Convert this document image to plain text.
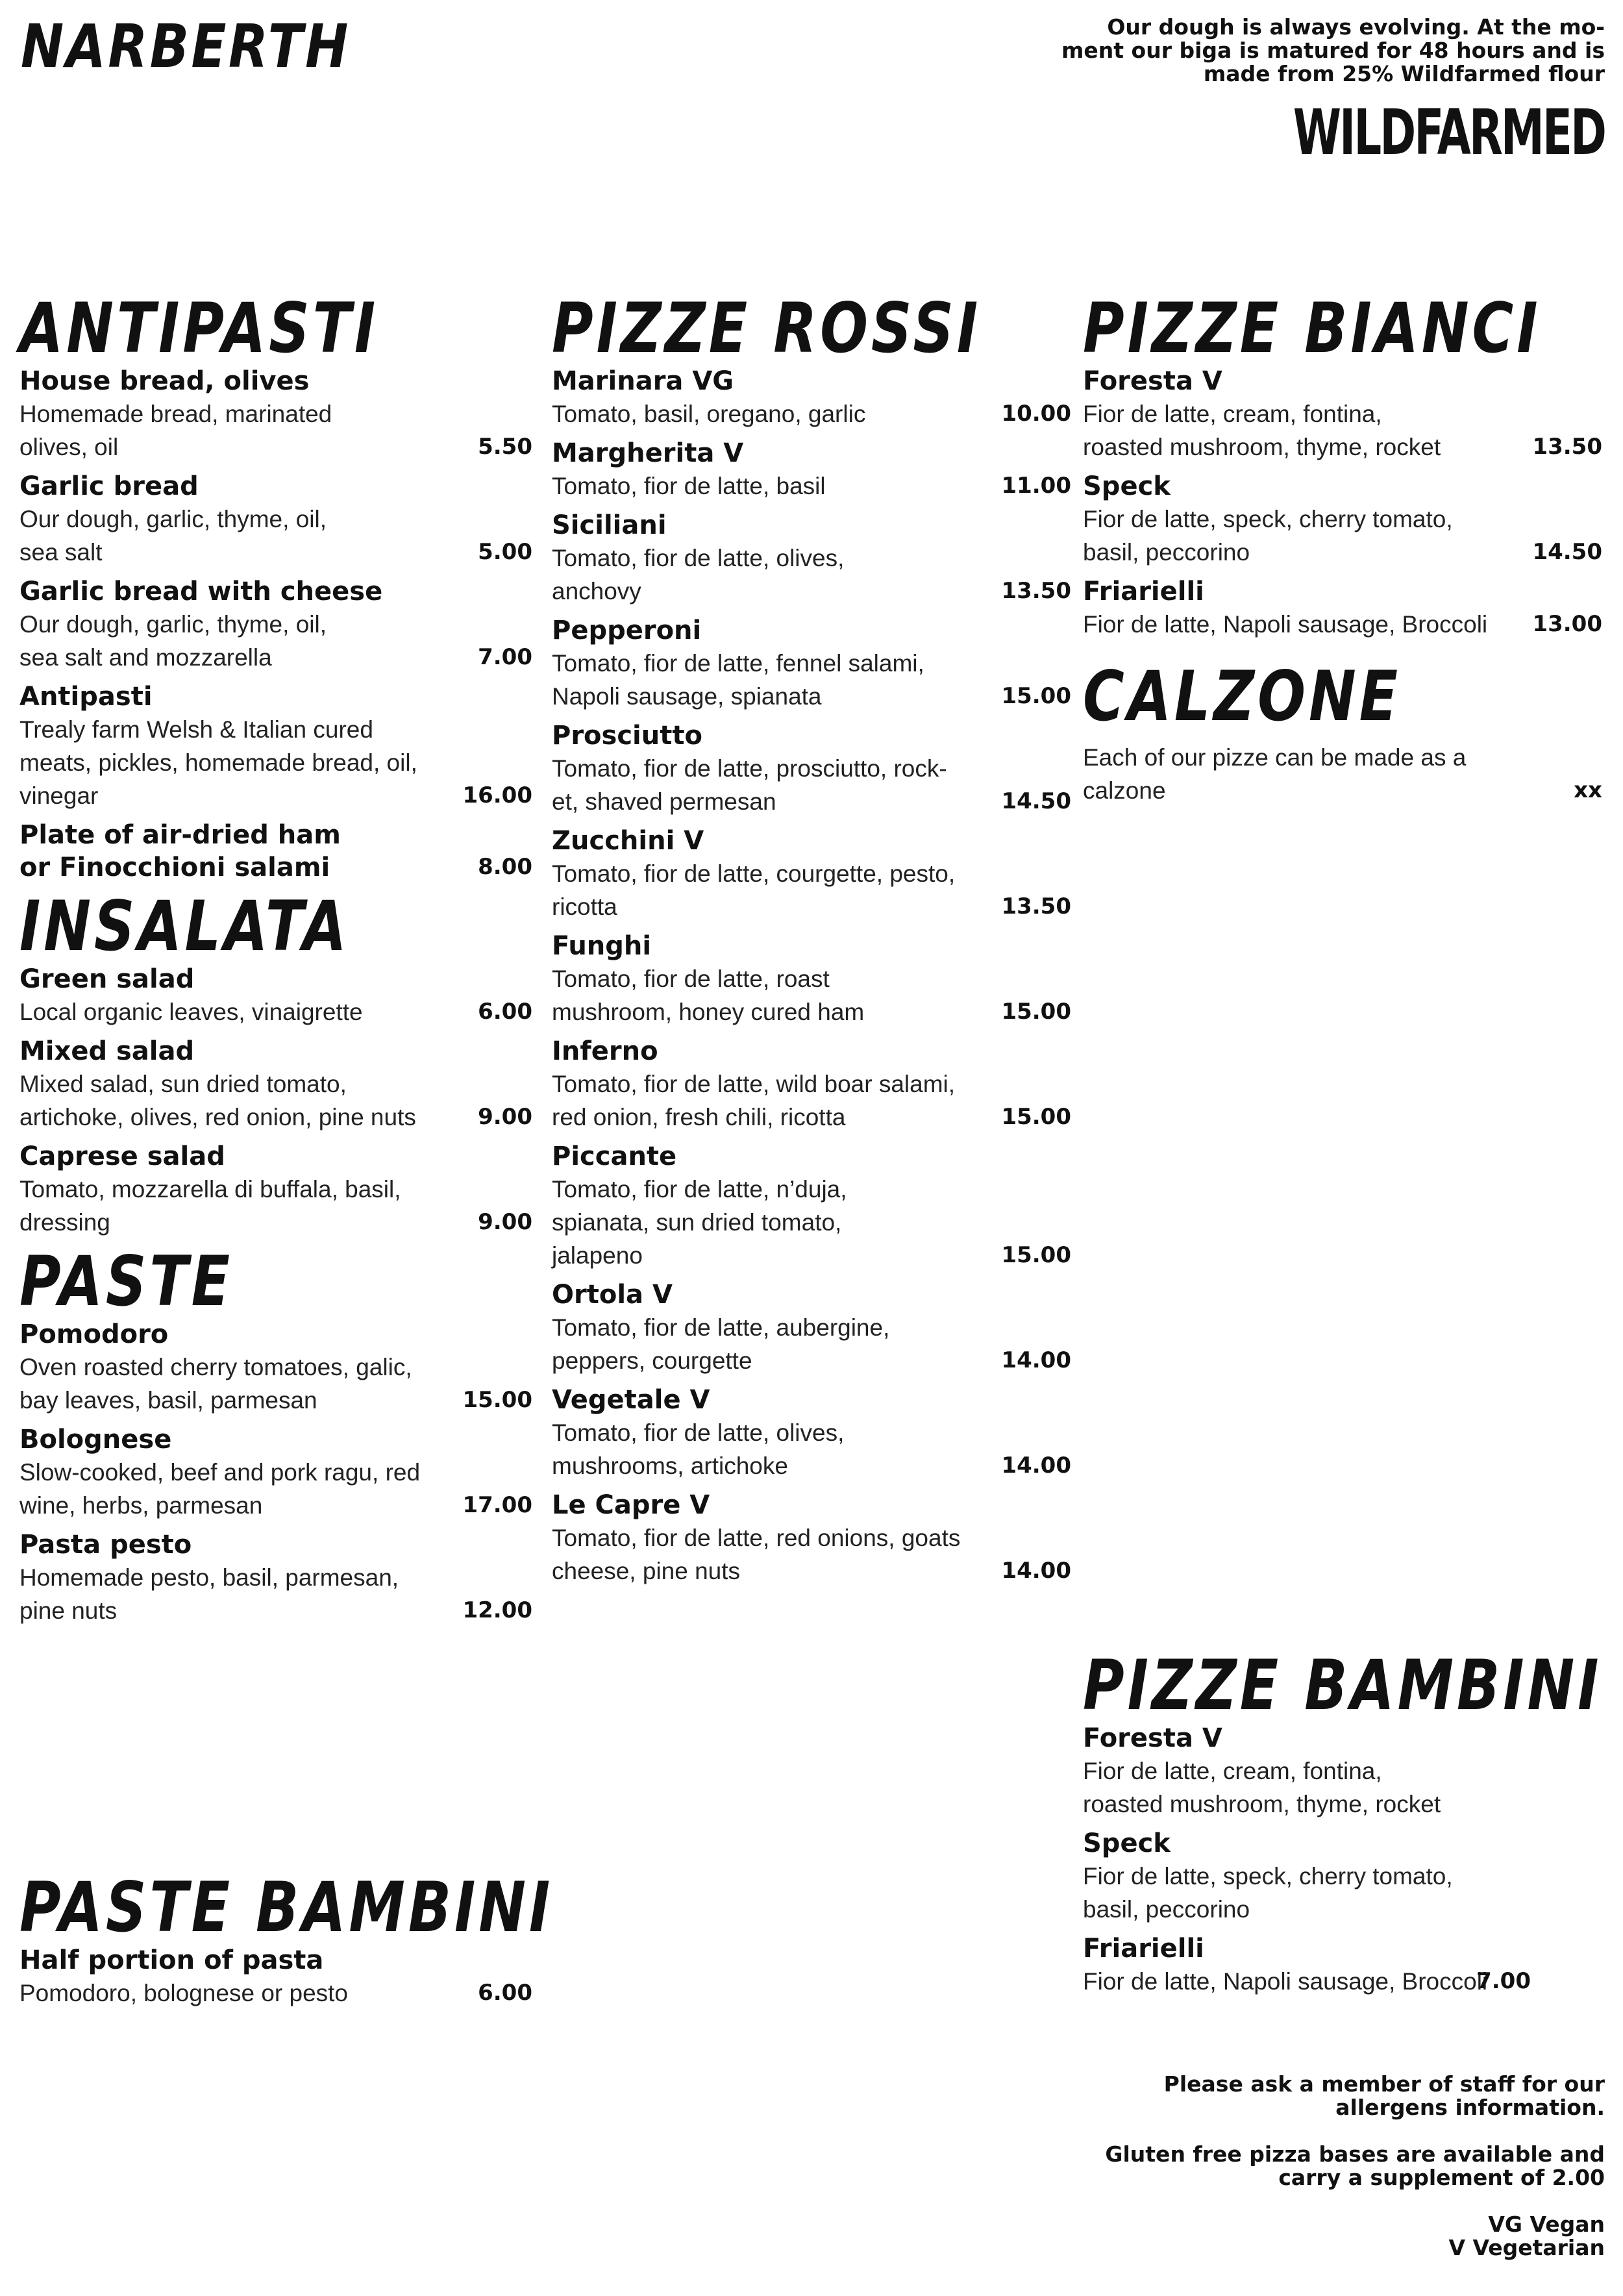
NARBERTH	Our dough is always evolving. At the mo-
ment our biga is matured for 48 hours and is
made from 25% Wildfarmed flour
WILDFARMED
ANTIPASTI
House bread, olives
Homemade bread, marinated
olives, oil	5.50
Garlic bread
Our dough, garlic, thyme, oil,
sea salt	5.00
Garlic bread with cheese
Our dough, garlic, thyme, oil,
sea salt and mozzarella	7.00
Antipasti
Trealy farm Welsh & Italian cured
meats, pickles, homemade bread, oil,
vinegar	16.00
Plate of air-dried ham
or Finocchioni salami	8.00
INSALATA
Green salad
Local organic leaves, vinaigrette	6.00
Mixed salad
Mixed salad, sun dried tomato,
artichoke, olives, red onion, pine nuts	9.00
Caprese salad
Tomato, mozzarella di buffala, basil,
dressing	9.00
PASTE
Pomodoro
Oven roasted cherry tomatoes, galic,
bay leaves, basil, parmesan	15.00
Bolognese
Slow-cooked, beef and pork ragu, red
wine, herbs, parmesan	17.00
Pasta pesto
Homemade pesto, basil, parmesan,
pine nuts	12.00
PASTE BAMBINI
Half portion of pasta
Pomodoro, bolognese or pesto	6.00
PIZZE ROSSI
Marinara VG
Tomato, basil, oregano, garlic	10.00
Margherita V
Tomato, fior de latte, basil	11.00
Siciliani
Tomato, fior de latte, olives,
anchovy	13.50
Pepperoni
Tomato, fior de latte, fennel salami,
Napoli sausage, spianata	15.00
Prosciutto
Tomato, fior de latte, prosciutto, rock-
et, shaved permesan	14.50
Zucchini V
Tomato, fior de latte, courgette, pesto,
ricotta	13.50
Funghi
Tomato, fior de latte, roast
mushroom, honey cured ham	15.00
Inferno
Tomato, fior de latte, wild boar salami,
red onion, fresh chili, ricotta	15.00
Piccante
Tomato, fior de latte, n’duja,
spianata, sun dried tomato,
jalapeno	15.00
Ortola V
Tomato, fior de latte, aubergine,
peppers, courgette	14.00
Vegetale V
Tomato, fior de latte, olives,
mushrooms, artichoke	14.00
Le Capre V
Tomato, fior de latte, red onions, goats
cheese, pine nuts	14.00
PIZZE BIANCI
Foresta V
Fior de latte, cream, fontina,
roasted mushroom, thyme, rocket	13.50
Speck
Fior de latte, speck, cherry tomato,
basil, peccorino	14.50
Friarielli
Fior de latte, Napoli sausage, Broccoli	13.00
CALZONE
Each of our pizze can be made as a
calzone	xx
PIZZE BAMBINI
Foresta V
Fior de latte, cream, fontina,
roasted mushroom, thyme, rocket
Speck
Fior de latte, speck, cherry tomato,
basil, peccorino
Friarielli
Fior de latte, Napoli sausage, Broccoli
7.00
Please ask a member of staff for our
allergens information.
Gluten free pizza bases are available and
carry a supplement of 2.00
VG Vegan
V Vegetarian
